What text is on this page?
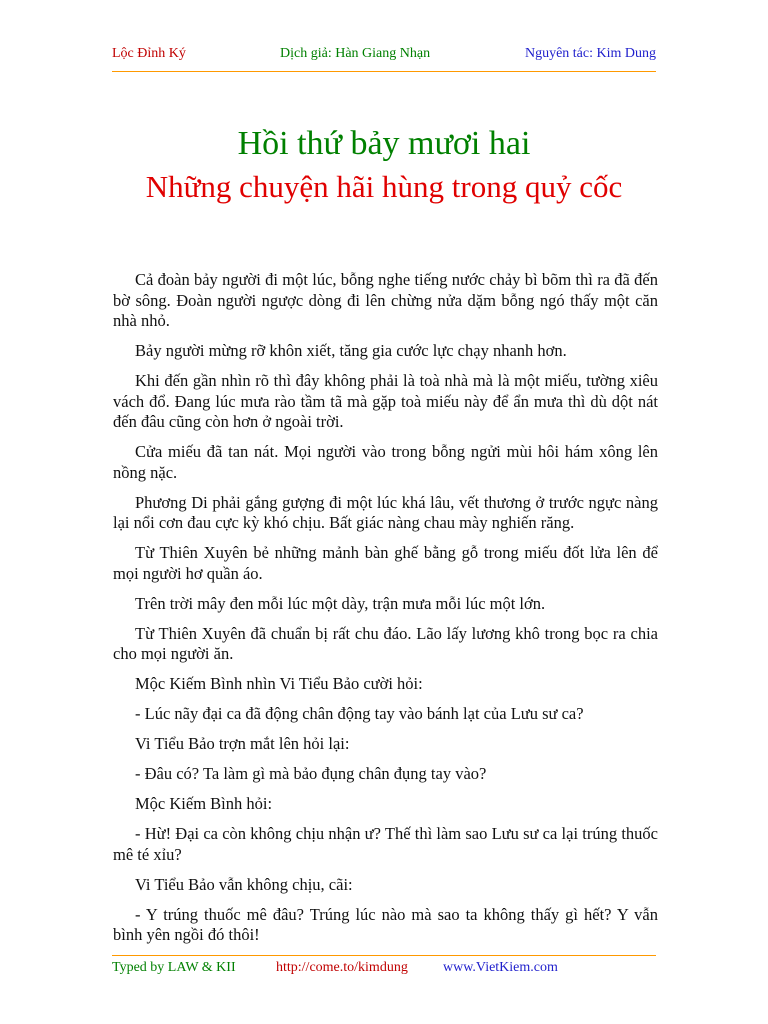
Lộc Đỉnh Ký	Dịch giả: Hàn Giang Nhạn	Nguyên tác: Kim Dung
Hồi thứ bảy mươi hai
Những chuyện hãi hùng trong quỷ cốc

Cả đoàn bảy người đi một lúc, bỗng nghe tiếng nước chảy bì bõm thì ra đã đến bờ sông. Đoàn người ngược dòng đi lên chừng nửa dặm bỗng ngó thấy một căn nhà nhỏ.

Bảy người mừng rỡ khôn xiết, tăng gia cước lực chạy nhanh hơn.

Khi đến gần nhìn rõ thì đây không phải là toà nhà mà là một miếu, tường xiêu vách đổ. Đang lúc mưa rào tầm tã mà gặp toà miếu này để ẩn mưa thì dù dột nát đến đâu cũng còn hơn ở ngoài trời.

Cửa miếu đã tan nát. Mọi người vào trong bỗng ngửi mùi hôi hám xông lên nồng nặc.

Phương Di phải gắng gượng đi một lúc khá lâu, vết thương ở trước ngực nàng lại nổi cơn đau cực kỳ khó chịu. Bất giác nàng chau mày nghiến răng.

Từ Thiên Xuyên bẻ những mảnh bàn ghế bằng gỗ trong miếu đốt lửa lên để mọi người hơ quần áo.

Trên trời mây đen mỗi lúc một dày, trận mưa mỗi lúc một lớn.

Từ Thiên Xuyên đã chuẩn bị rất chu đáo. Lão lấy lương khô trong bọc ra chia cho mọi người ăn.

Mộc Kiếm Bình nhìn Vi Tiểu Bảo cười hỏi:

- Lúc nãy đại ca đã động chân động tay vào bánh lạt của Lưu sư ca?

Vi Tiểu Bảo trợn mắt lên hỏi lại:

- Đâu có? Ta làm gì mà bảo đụng chân đụng tay vào?

Mộc Kiếm Bình hỏi:

- Hừ! Đại ca còn không chịu nhận ư? Thế thì làm sao Lưu sư ca lại trúng thuốc mê té xỉu?

Vi Tiểu Bảo vẫn không chịu, cãi:

- Y trúng thuốc mê đâu? Trúng lúc nào mà sao ta không thấy gì hết? Y vẫn bình yên ngồi đó thôi!

Typed by LAW & KII	http://come.to/kimdung	www.VietKiem.com
